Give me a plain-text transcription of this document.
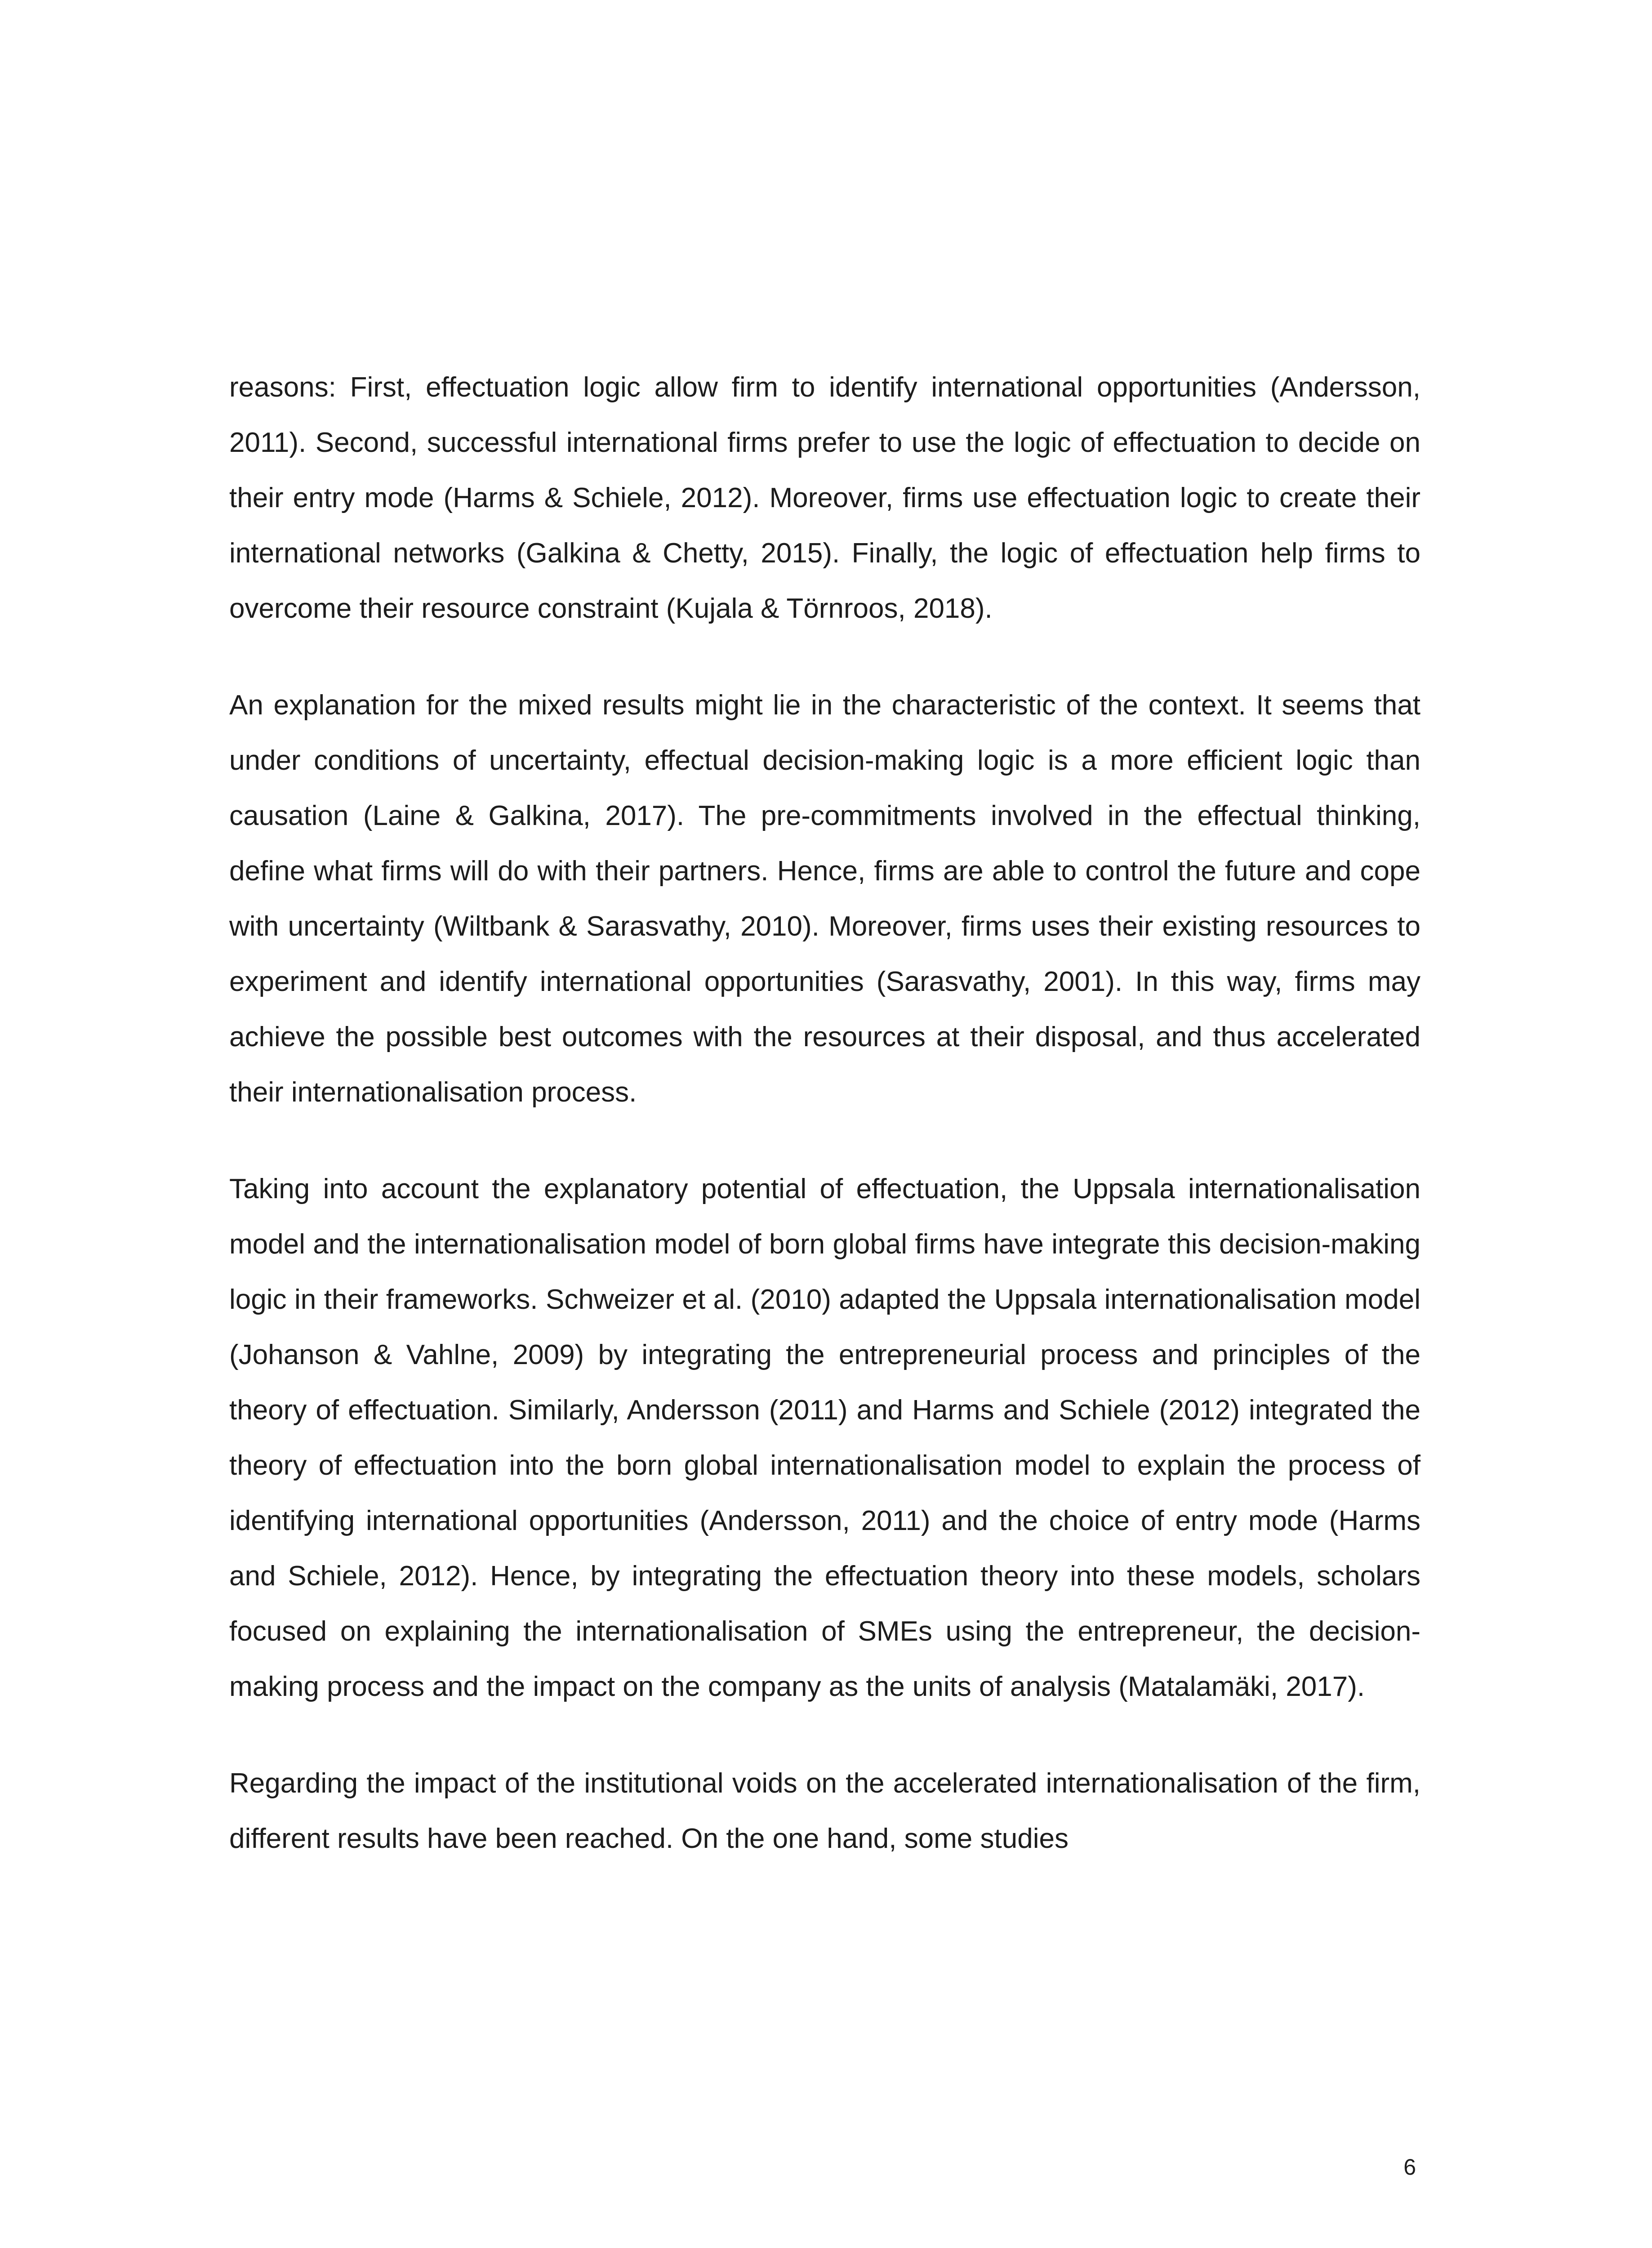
reasons: First, effectuation logic allow firm to identify international opportunities (Andersson, 2011). Second, successful international firms prefer to use the logic of effectuation to decide on their entry mode (Harms & Schiele, 2012). Moreover, firms use effectuation logic to create their international networks (Galkina & Chetty, 2015). Finally, the logic of effectuation help firms to overcome their resource constraint (Kujala & Törnroos, 2018).

An explanation for the mixed results might lie in the characteristic of the context. It seems that under conditions of uncertainty, effectual decision-making logic is a more efficient logic than causation (Laine & Galkina, 2017). The pre-commitments involved in the effectual thinking, define what firms will do with their partners. Hence, firms are able to control the future and cope with uncertainty (Wiltbank & Sarasvathy, 2010). Moreover, firms uses their existing resources to experiment and identify international opportunities (Sarasvathy, 2001). In this way, firms may achieve the possible best outcomes with the resources at their disposal, and thus accelerated their internationalisation process.

Taking into account the explanatory potential of effectuation, the Uppsala internationalisation model and the internationalisation model of born global firms have integrate this decision-making logic in their frameworks. Schweizer et al. (2010) adapted the Uppsala internationalisation model (Johanson & Vahlne, 2009) by integrating the entrepreneurial process and principles of the theory of effectuation. Similarly, Andersson (2011) and Harms and Schiele (2012) integrated the theory of effectuation into the born global internationalisation model to explain the process of identifying international opportunities (Andersson, 2011) and the choice of entry mode (Harms and Schiele, 2012). Hence, by integrating the effectuation theory into these models, scholars focused on explaining the internationalisation of SMEs using the entrepreneur, the decision-making process and the impact on the company as the units of analysis (Matalamäki, 2017).

Regarding the impact of the institutional voids on the accelerated internationalisation of the firm, different results have been reached. On the one hand, some studies

6
